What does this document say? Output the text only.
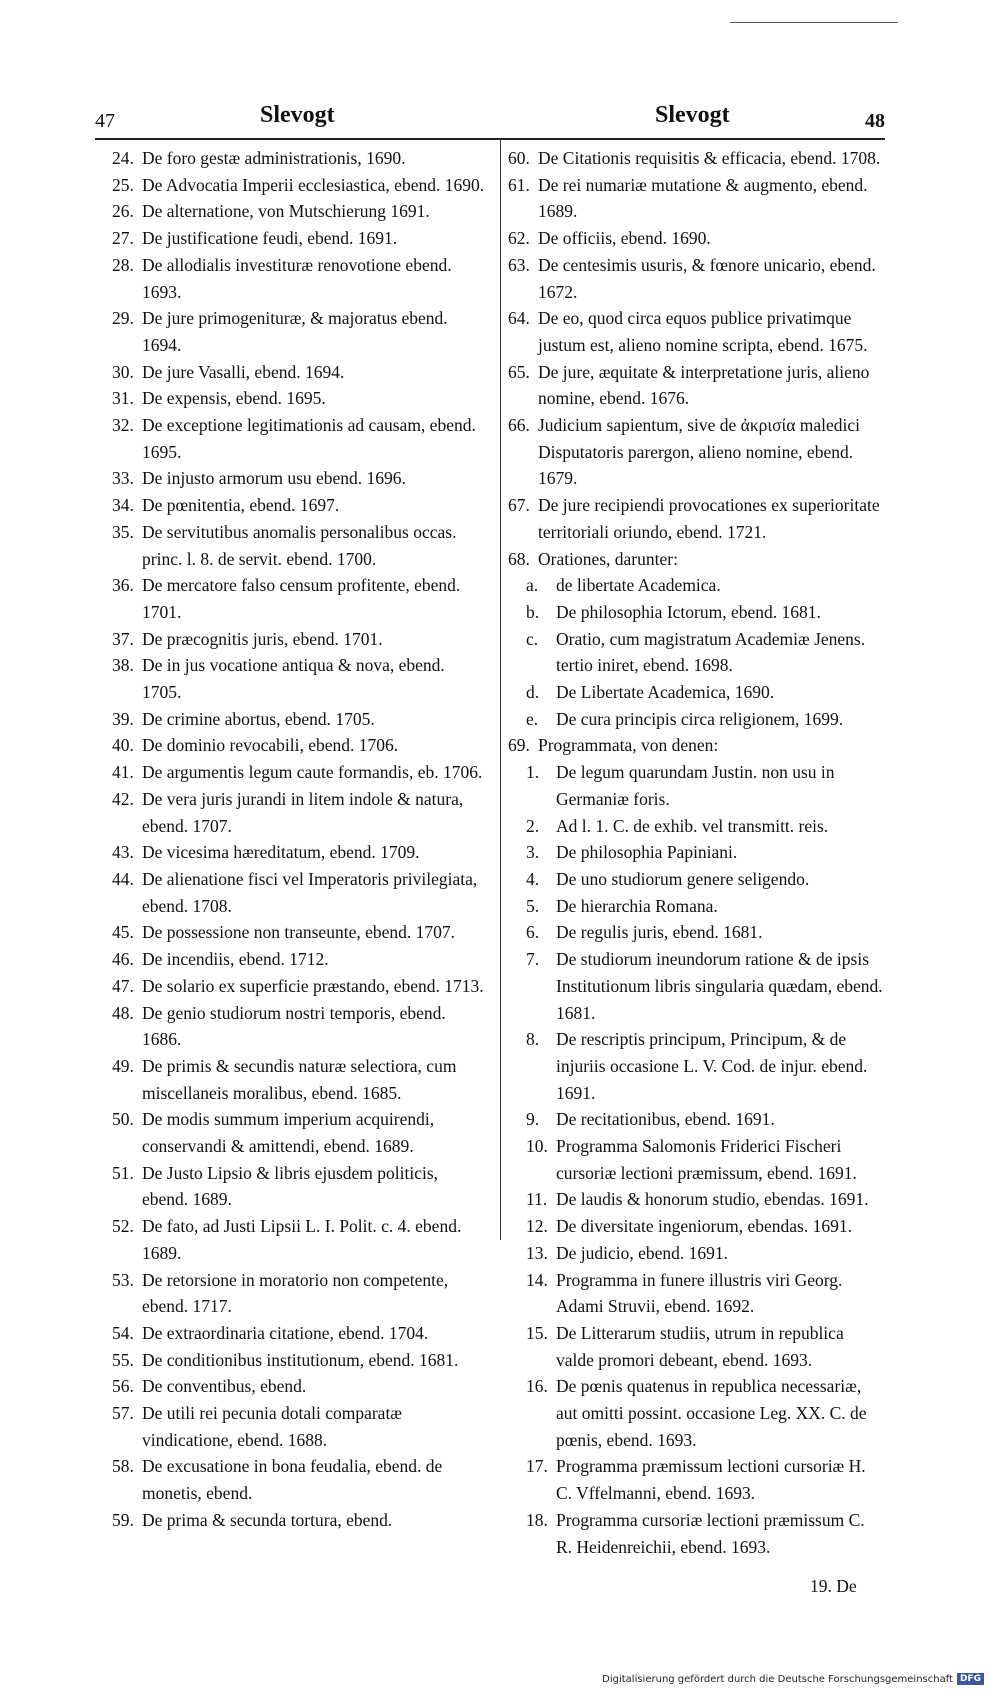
47	Slevogt	Slevogt	48
24. De foro gestæ administrationis, 1690.
25. De Advocatia Imperii ecclesiastica, ebend. 1690.
26. De alternatione, von Mutschierung 1691.
27. De justificatione feudi, ebend. 1691.
28. De allodialis investituræ renovotione ebend. 1693.
29. De jure primogenituræ, & majoratus ebend. 1694.
30. De jure Vasalli, ebend. 1694.
31. De expensis, ebend. 1695.
32. De exceptione legitimationis ad causam, ebend. 1695.
33. De injusto armorum usu ebend. 1696.
34. De pœnitentia, ebend. 1697.
35. De servitutibus anomalis personalibus occas. princ. l. 8. de servit. ebend. 1700.
36. De mercatore falso censum profitente, ebend. 1701.
37. De præcognitis juris, ebend. 1701.
38. De in jus vocatione antiqua & nova, ebend. 1705.
39. De crimine abortus, ebend. 1705.
40. De dominio revocabili, ebend. 1706.
41. De argumentis legum caute formandis, eb. 1706.
42. De vera juris jurandi in litem indole & natura, ebend. 1707.
43. De vicesima hæreditatum, ebend. 1709.
44. De alienatione fisci vel Imperatoris privilegiata, ebend. 1708.
45. De possessione non transeunte, ebend. 1707.
46. De incendiis, ebend. 1712.
47. De solario ex superficie præstando, ebend. 1713.
48. De genio studiorum nostri temporis, ebend. 1686.
49. De primis & secundis naturæ selectiora, cum miscellaneis moralibus, ebend. 1685.
50. De modis summum imperium acquirendi, conservandi & amittendi, ebend. 1689.
51. De Justo Lipsio & libris ejusdem politicis, ebend. 1689.
52. De fato, ad Justi Lipsii L. I. Polit. c. 4. ebend. 1689.
53. De retorsione in moratorio non competente, ebend. 1717.
54. De extraordinaria citatione, ebend. 1704.
55. De conditionibus institutionum, ebend. 1681.
56. De conventibus, ebend.
57. De utili rei pecunia dotali comparatæ vindicatione, ebend. 1688.
58. De excusatione in bona feudalia, ebend. de monetis, ebend.
59. De prima & secunda tortura, ebend.
60. De Citationis requisitis & efficacia, ebend. 1708.
61. De rei numariæ mutatione & augmento, ebend. 1689.
62. De officiis, ebend. 1690.
63. De centesimis usuris, & fœnore unicario, ebend. 1672.
64. De eo, quod circa equos publice privatimque justum est, alieno nomine scripta, ebend. 1675.
65. De jure, æquitate & interpretatione juris, alieno nomine, ebend. 1676.
66. Judicium sapientum, sive de ἀκρισία maledici Disputatoris parergon, alieno nomine, ebend. 1679.
67. De jure recipiendi provocationes ex superioritate territoriali oriundo, ebend. 1721.
68. Orationes, darunter:
a. de libertate Academica.
b. De philosophia Ictorum, ebend. 1681.
c. Oratio, cum magistratum Academiæ Jenens. tertio iniret, ebend. 1698.
d. De Libertate Academica, 1690.
e. De cura principis circa religionem, 1699.
69. Programmata, von denen:
1. De legum quarundam Justin. non usu in Germaniæ foris.
2. Ad l. 1. C. de exhib. vel transmitt. reis.
3. De philosophia Papiniani.
4. De uno studiorum genere seligendo.
5. De hierarchia Romana.
6. De regulis juris, ebend. 1681.
7. De studiorum ineundorum ratione & de ipsis Institutionum libris singularia quædam, ebend. 1681.
8. De rescriptis principum, Principum, & de injuriis occasione L. V. Cod. de injur. ebend. 1691.
9. De recitationibus, ebend. 1691.
10. Programma Salomonis Friderici Fischeri cursoriæ lectioni præmissum, ebend. 1691.
11. De laudis & honorum studio, ebendas. 1691.
12. De diversitate ingeniorum, ebendas. 1691.
13. De judicio, ebend. 1691.
14. Programma in funere illustris viri Georg. Adami Struvii, ebend. 1692.
15. De Litterarum studiis, utrum in republica valde promori debeant, ebend. 1693.
16. De pœnis quatenus in republica necessariæ, aut omitti possint. occasione Leg. XX. C. de pœnis, ebend. 1693.
17. Programma præmissum lectioni cursoriæ H. C. Vffelmanni, ebend. 1693.
18. Programma cursoriæ lectioni præmissum C. R. Heidenreichii, ebend. 1693.
19. De
Digitalisierung gefördert durch die Deutsche Forschungsgemeinschaft DFG
